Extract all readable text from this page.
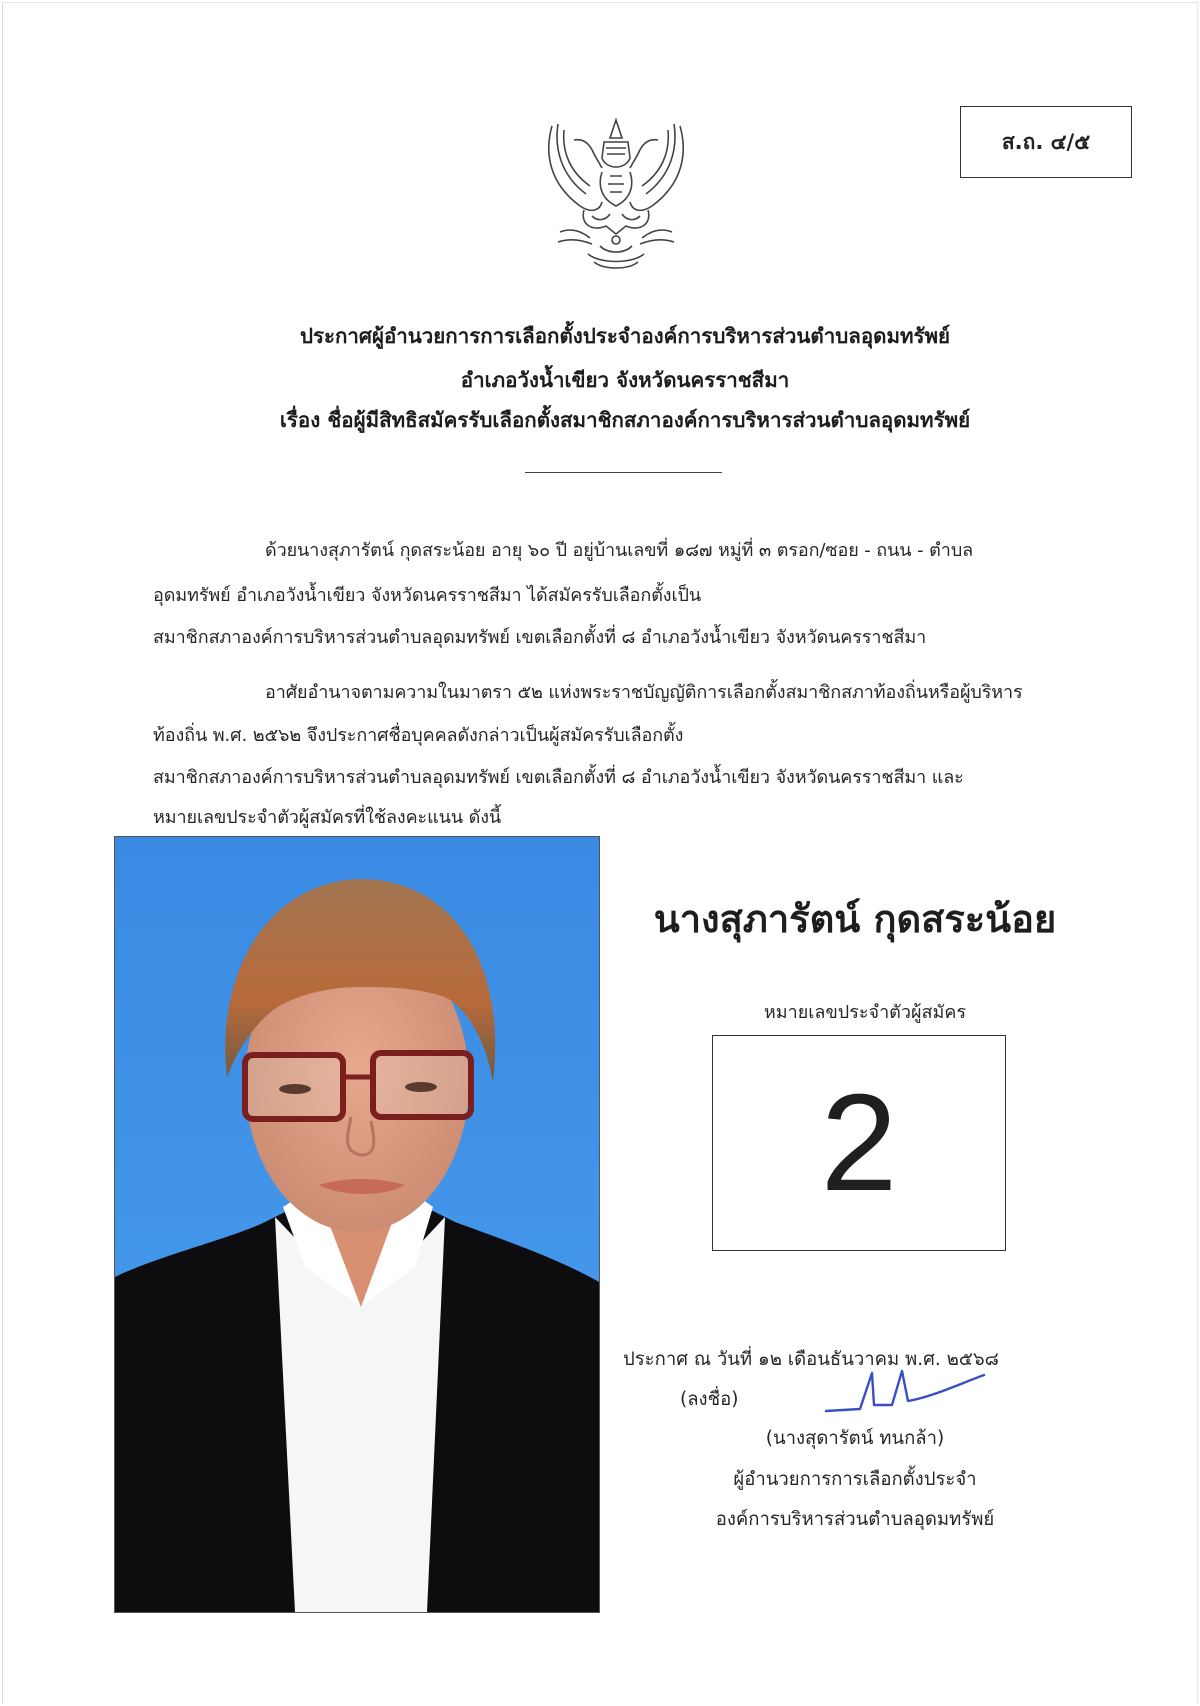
ส.ถ. ๔/๕
ประกาศผู้อำนวยการการเลือกตั้งประจำองค์การบริหารส่วนตำบลอุดมทรัพย์
อำเภอวังน้ำเขียว จังหวัดนครราชสีมา
เรื่อง ชื่อผู้มีสิทธิสมัครรับเลือกตั้งสมาชิกสภาองค์การบริหารส่วนตำบลอุดมทรัพย์
ด้วยนางสุภารัตน์ กุดสระน้อย อายุ ๖๐ ปี อยู่บ้านเลขที่ ๑๘๗ หมู่ที่ ๓ ตรอก/ซอย - ถนน - ตำบล
อุดมทรัพย์ อำเภอวังน้ำเขียว จังหวัดนครราชสีมา ได้สมัครรับเลือกตั้งเป็น
สมาชิกสภาองค์การบริหารส่วนตำบลอุดมทรัพย์ เขตเลือกตั้งที่ ๘ อำเภอวังน้ำเขียว จังหวัดนครราชสีมา
อาศัยอำนาจตามความในมาตรา ๕๒ แห่งพระราชบัญญัติการเลือกตั้งสมาชิกสภาท้องถิ่นหรือผู้บริหาร
ท้องถิ่น พ.ศ. ๒๕๖๒ จึงประกาศชื่อบุคคลดังกล่าวเป็นผู้สมัครรับเลือกตั้ง
สมาชิกสภาองค์การบริหารส่วนตำบลอุดมทรัพย์ เขตเลือกตั้งที่ ๘ อำเภอวังน้ำเขียว จังหวัดนครราชสีมา และ
หมายเลขประจำตัวผู้สมัครที่ใช้ลงคะแนน ดังนี้
นางสุภารัตน์ กุดสระน้อย
หมายเลขประจำตัวผู้สมัคร
2
ประกาศ ณ วันที่ ๑๒ เดือนธันวาคม พ.ศ. ๒๕๖๘
(ลงชื่อ)
(นางสุดารัตน์ ทนกล้า)
ผู้อำนวยการการเลือกตั้งประจำ
องค์การบริหารส่วนตำบลอุดมทรัพย์
